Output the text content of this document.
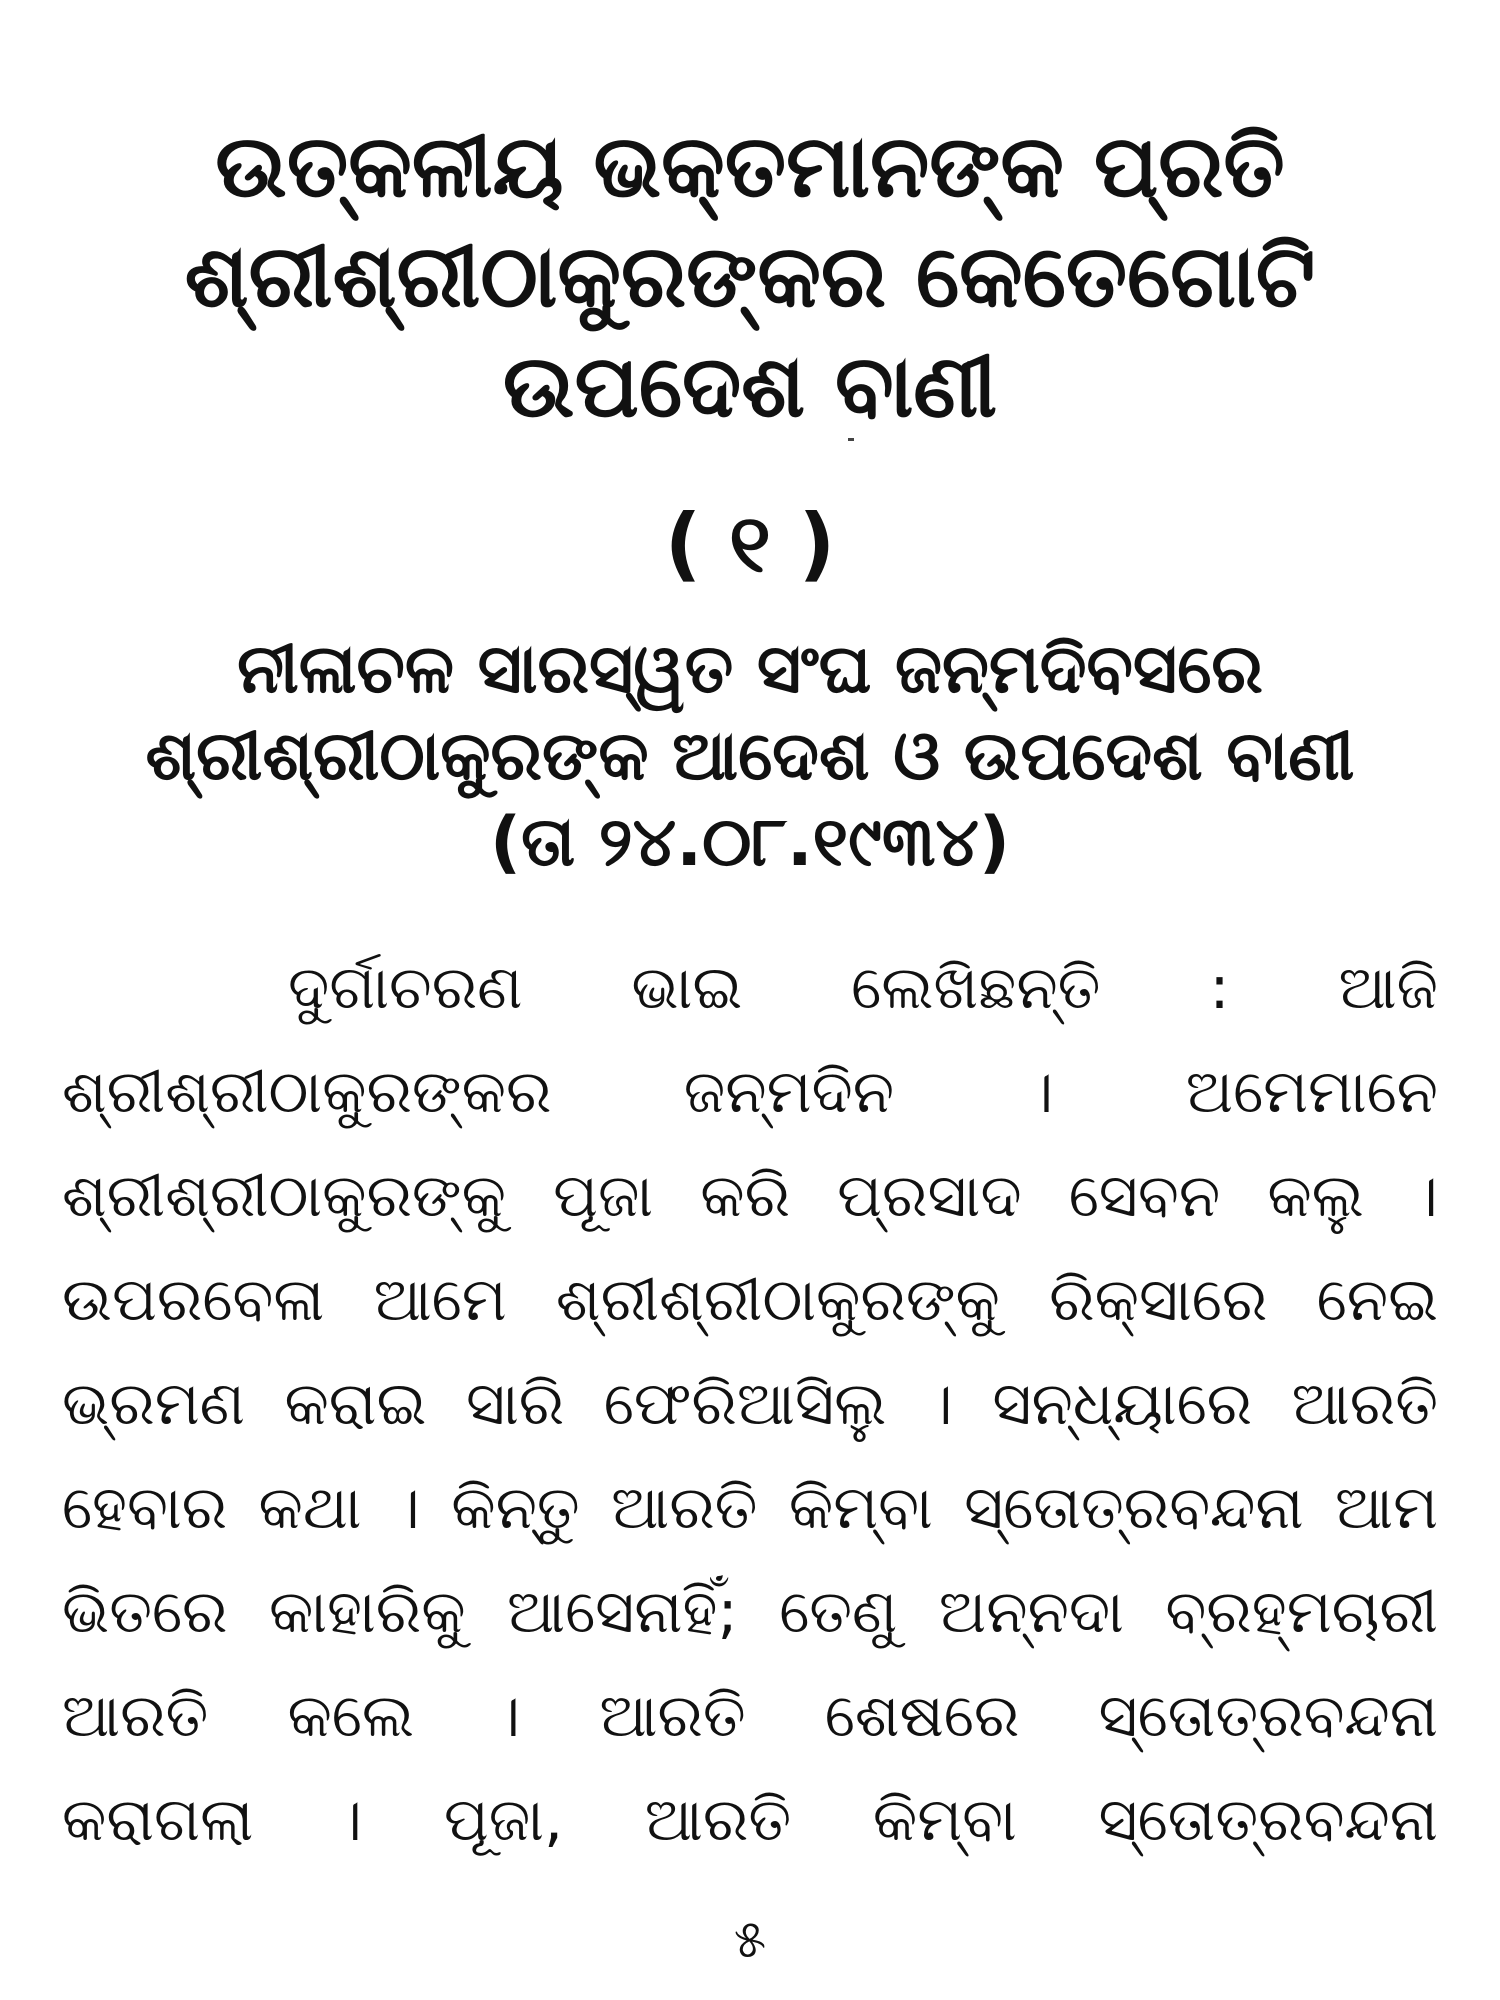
ଉତ୍କଳୀୟ ଭକ୍ତମାନଙ୍କ ପ୍ରତି
ଶ୍ରୀଶ୍ରୀଠାକୁରଙ୍କର କେତେଗୋଟି
ଉପଦେଶ ବାଣୀ
( ୧ )
ନୀଳାଚଳ ସାରସ୍ୱତ ସଂଘ ଜନ୍ମଦିବସରେ
ଶ୍ରୀଶ୍ରୀଠାକୁରଙ୍କ ଆଦେଶ ଓ ଉପଦେଶ ବାଣୀ
(ତା ୨୪.୦୮.୧୯୩୪)
ଦୁର୍ଗାଚରଣ ଭାଇ ଲେଖିଛନ୍ତି : ଆଜି
ଶ୍ରୀଶ୍ରୀଠାକୁରଙ୍କର ଜନ୍ମଦିନ । ଅମେମାନେ
ଶ୍ରୀଶ୍ରୀଠାକୁରଙ୍କୁ ପୂଜା କରି ପ୍ରସାଦ ସେବନ କଲୁ ।
ଉପରବେଳା ଆମେ ଶ୍ରୀଶ୍ରୀଠାକୁରଙ୍କୁ ରିକ୍‌ସାରେ ନେଇ
ଭ୍ରମଣ କରାଇ ସାରି ଫେରିଆସିଲୁ । ସନ୍ଧ୍ୟାରେ ଆରତି
ହେବାର କଥା । କିନ୍ତୁ ଆରତି କିମ୍ବା ସ୍ତୋତ୍ରବନ୍ଦନା ଆମ
ଭିତରେ କାହାରିକୁ ଆସେନାହିଁ; ତେଣୁ ଅନ୍ନଦା ବ୍ରହ୍ମଚାରୀ
ଆରତି କଲେ । ଆରତି ଶେଷରେ ସ୍ତୋତ୍ରବନ୍ଦନା
କରାଗଲା । ପୂଜା, ଆରତି କିମ୍ବା ସ୍ତୋତ୍ରବନ୍ଦନା
୫
